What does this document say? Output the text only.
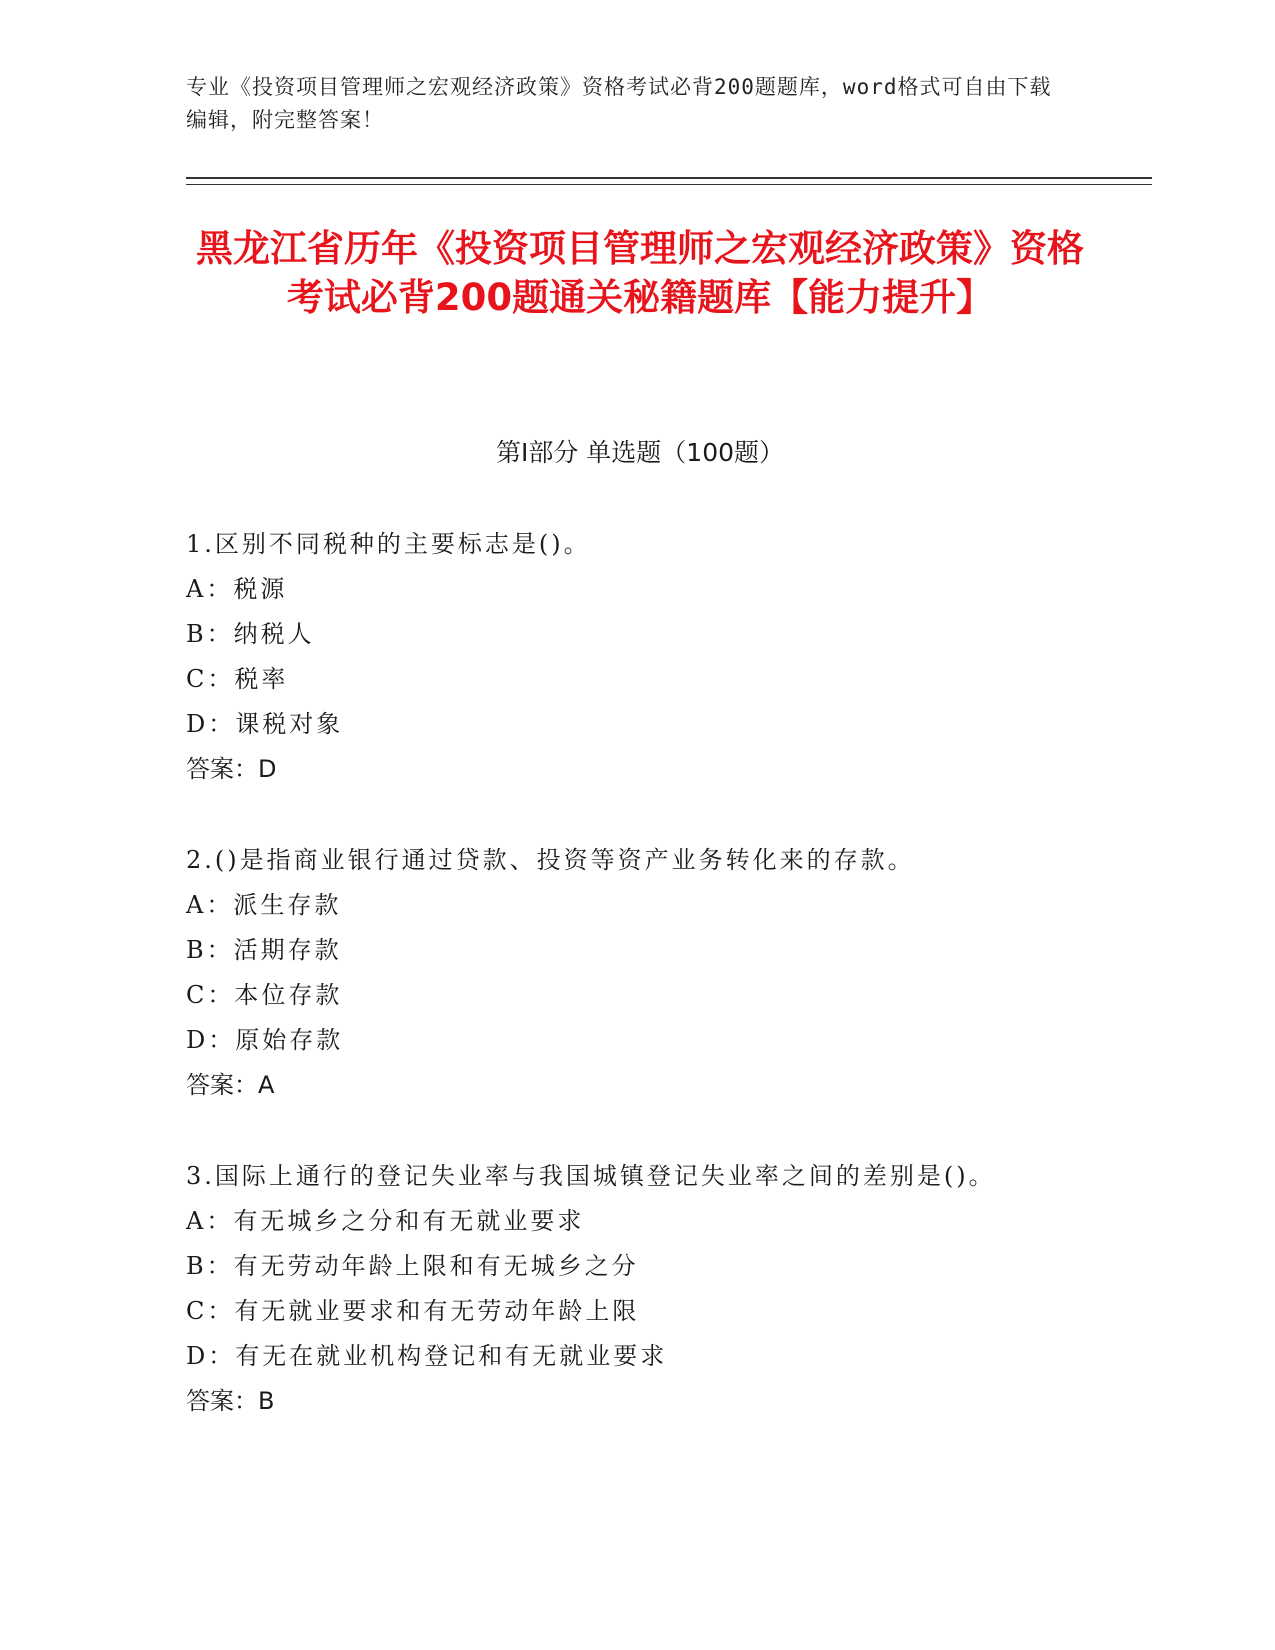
专业《投资项目管理师之宏观经济政策》资格考试必背200题题库，word格式可自由下载编辑，附完整答案！
黑龙江省历年《投资项目管理师之宏观经济政策》资格考试必背200题通关秘籍题库【能力提升】
第Ⅰ部分 单选题（100题）
1.区别不同税种的主要标志是()。
A：税源
B：纳税人
C：税率
D：课税对象
答案：D
2.()是指商业银行通过贷款、投资等资产业务转化来的存款。
A：派生存款
B：活期存款
C：本位存款
D：原始存款
答案：A
3.国际上通行的登记失业率与我国城镇登记失业率之间的差别是()。
A：有无城乡之分和有无就业要求
B：有无劳动年龄上限和有无城乡之分
C：有无就业要求和有无劳动年龄上限
D：有无在就业机构登记和有无就业要求
答案：B
